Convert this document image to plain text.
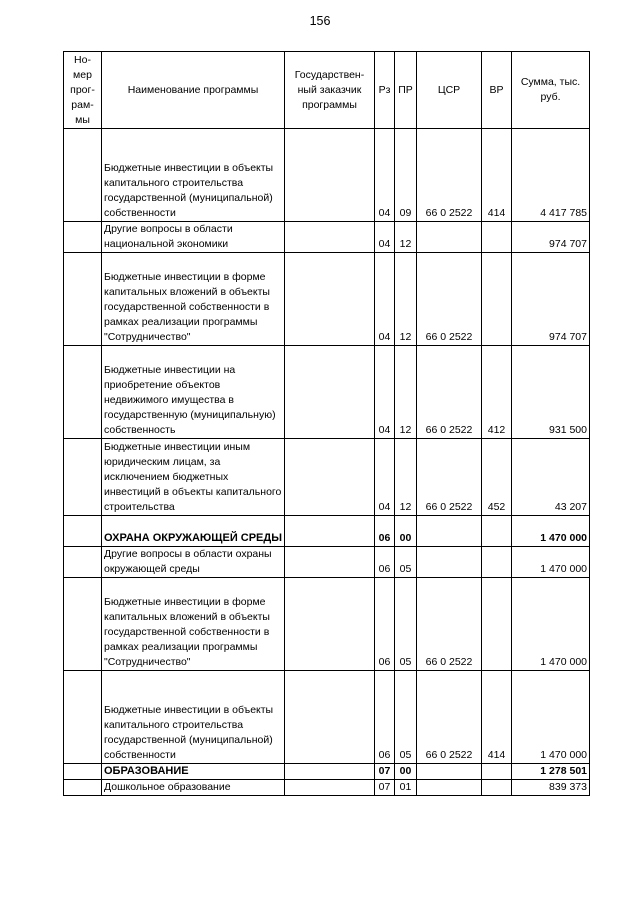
156
Но-мер прог-рам-мы	Наименование программы	Государствен-ный заказчик программы	Рз	ПР	ЦСР	ВР	Сумма, тыс. руб.
	Бюджетные инвестиции в объекты капитального строительства государственной (муниципальной) собственности		04	09	66 0 2522	414	4 417 785
	Другие вопросы в области национальной экономики		04	12			974 707
	Бюджетные инвестиции в форме капитальных вложений в объекты государственной собственности в рамках реализации программы "Сотрудничество"		04	12	66 0 2522		974 707
	Бюджетные инвестиции на приобретение объектов недвижимого имущества в государственную (муниципальную) собственность		04	12	66 0 2522	412	931 500
	Бюджетные инвестиции иным юридическим лицам, за исключением бюджетных инвестиций в объекты капитального строительства		04	12	66 0 2522	452	43 207
	ОХРАНА ОКРУЖАЮЩЕЙ СРЕДЫ		06	00			1 470 000
	Другие вопросы в области охраны окружающей среды		06	05			1 470 000
	Бюджетные инвестиции в форме капитальных вложений в объекты государственной собственности в рамках реализации программы "Сотрудничество"		06	05	66 0 2522		1 470 000
	Бюджетные инвестиции в объекты капитального строительства государственной (муниципальной) собственности		06	05	66 0 2522	414	1 470 000
	ОБРАЗОВАНИЕ		07	00			1 278 501
	Дошкольное образование		07	01			839 373
